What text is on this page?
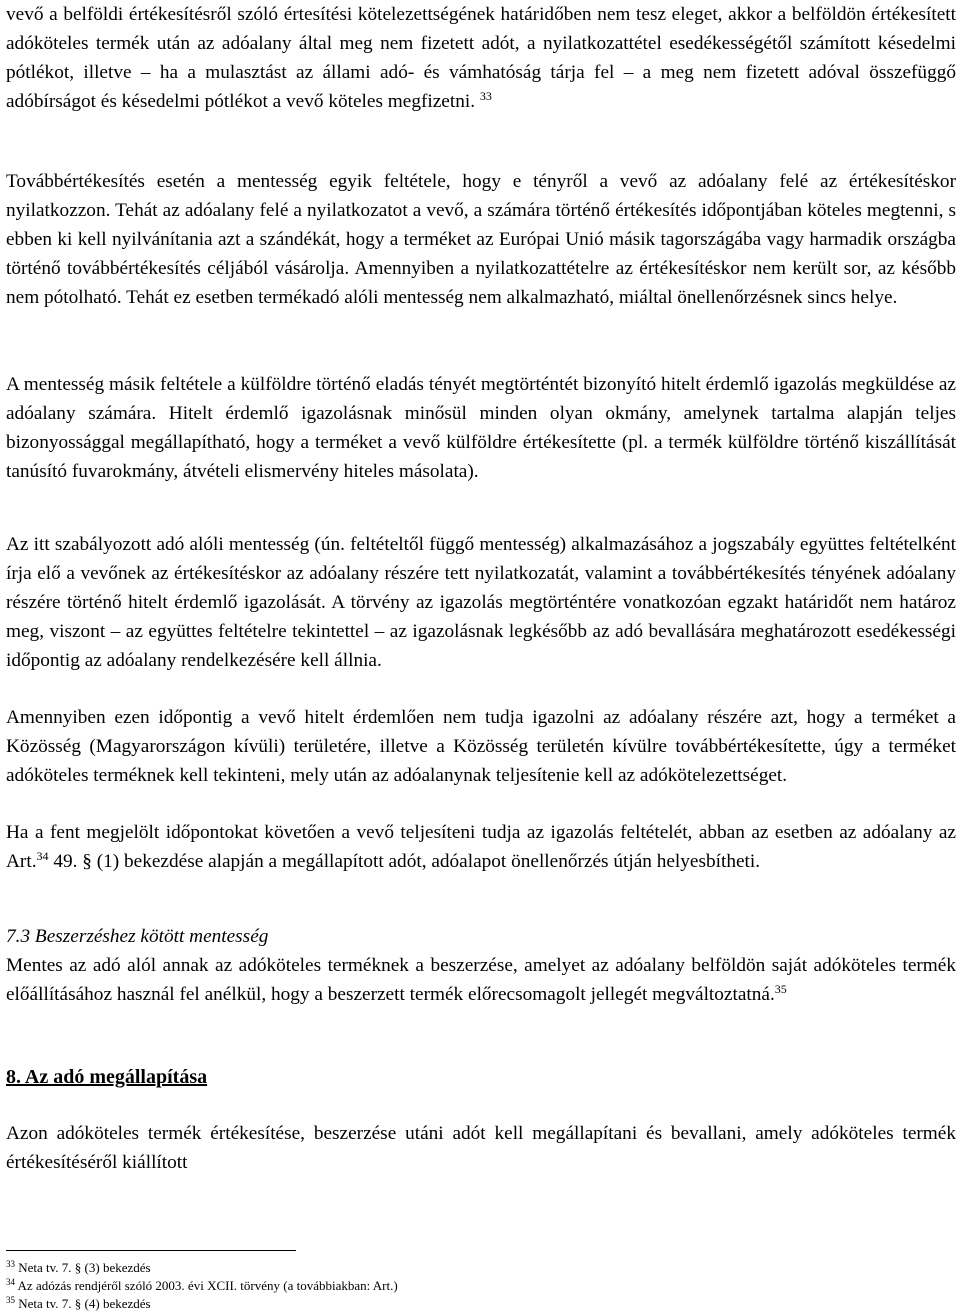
vevő a belföldi értékesítésről szóló értesítési kötelezettségének határidőben nem tesz eleget, akkor a belföldön értékesített adóköteles termék után az adóalany által meg nem fizetett adót, a nyilatkozattétel esedékességétől számított késedelmi pótlékot, illetve – ha a mulasztást az állami adó- és vámhatóság tárja fel – a meg nem fizetett adóval összefüggő adóbírságot és késedelmi pótlékot a vevő köteles megfizetni. $^{33}$

Továbbértékesítés esetén a mentesség egyik feltétele, hogy e tényről a vevő az adóalany felé az értékesítéskor nyilatkozzon. Tehát az adóalany felé a nyilatkozatot a vevő, a számára történő értékesítés időpontjában köteles megtenni, s ebben ki kell nyilvánítania azt a szándékát, hogy a terméket az Európai Unió másik tagországába vagy harmadik országba történő továbbértékesítés céljából vásárolja. Amennyiben a nyilatkozattételre az értékesítéskor nem került sor, az később nem pótolható. Tehát ez esetben termékadó alóli mentesség nem alkalmazható, miáltal önellenőrzésnek sincs helye.

A mentesség másik feltétele a külföldre történő eladás tényét megtörténtét bizonyító hitelt érdemlő igazolás megküldése az adóalany számára. Hitelt érdemlő igazolásnak minősül minden olyan okmány, amelynek tartalma alapján teljes bizonyossággal megállapítható, hogy a terméket a vevő külföldre értékesítette (pl. a termék külföldre történő kiszállítását tanúsító fuvarokmány, átvételi elismervény hiteles másolata).

Az itt szabályozott adó alóli mentesség (ún. feltételtől függő mentesség) alkalmazásához a jogszabály együttes feltételként írja elő a vevőnek az értékesítéskor az adóalany részére tett nyilatkozatát, valamint a továbbértékesítés tényének adóalany részére történő hitelt érdemlő igazolását. A törvény az igazolás megtörténtére vonatkozóan egzakt határidőt nem határoz meg, viszont – az együttes feltételre tekintettel – az igazolásnak legkésőbb az adó bevallására meghatározott esedékességi időpontig az adóalany rendelkezésére kell állnia.

Amennyiben ezen időpontig a vevő hitelt érdemlően nem tudja igazolni az adóalany részére azt, hogy a terméket a Közösség (Magyarországon kívüli) területére, illetve a Közösség területén kívülre továbbértékesítette, úgy a terméket adóköteles terméknek kell tekinteni, mely után az adóalanynak teljesítenie kell az adókötelezettséget.

Ha a fent megjelölt időpontokat követően a vevő teljesíteni tudja az igazolás feltételét, abban az esetben az adóalany az Art.$^{34}$ 49. § (1) bekezdése alapján a megállapított adót, adóalapot önellenőrzés útján helyesbítheti.

7.3 Beszerzéshez kötött mentesség

Mentes az adó alól annak az adóköteles terméknek a beszerzése, amelyet az adóalany belföldön saját adóköteles termék előállításához használ fel anélkül, hogy a beszerzett termék előrecsomagolt jellegét megváltoztatná.$^{35}$

8. Az adó megállapítása

Azon adóköteles termék értékesítése, beszerzése utáni adót kell megállapítani és bevallani, amely adóköteles termék értékesítéséről kiállított

$^{33}$ Neta tv. 7. § (3) bekezdés

$^{34}$ Az adózás rendjéről szóló 2003. évi XCII. törvény (a továbbiakban: Art.)

$^{35}$ Neta tv. 7. § (4) bekezdés
